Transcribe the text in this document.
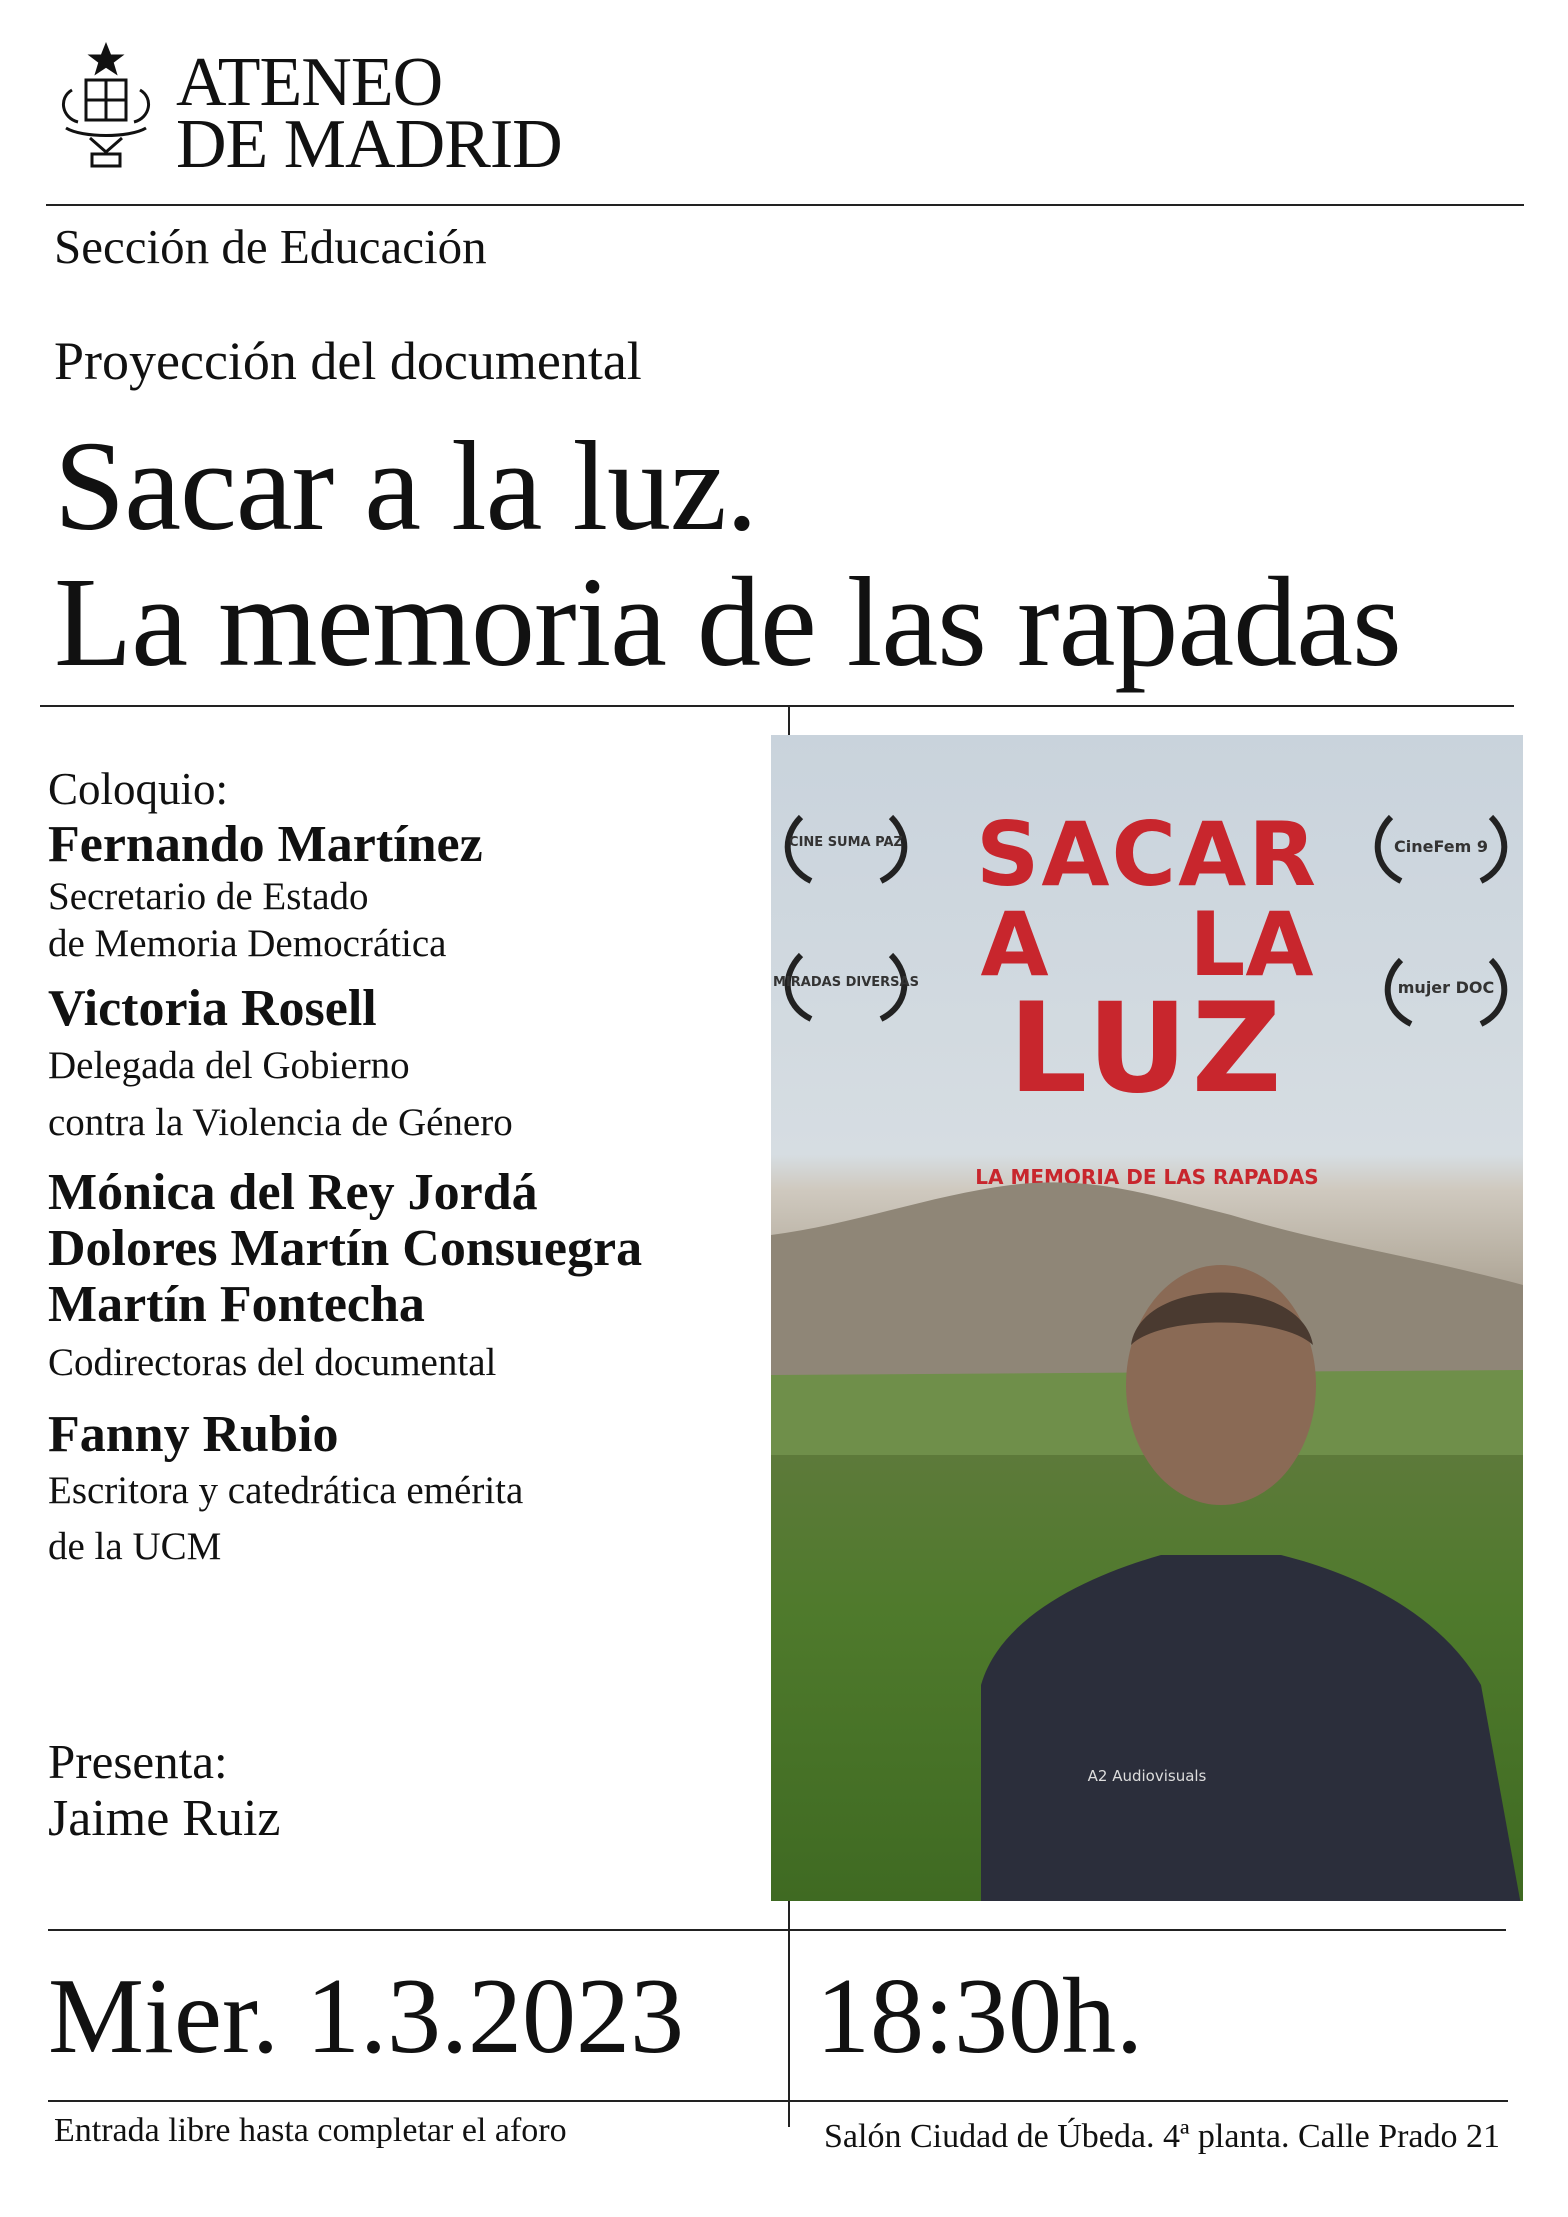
ATENEO
DE MADRID
Sección de Educación
Proyección del documental
Sacar a la luz.
La memoria de las rapadas
Coloquio:
Fernando Martínez
Secretario de Estado
de Memoria Democrática
Victoria Rosell
Delegada del Gobierno
contra la Violencia de Género
Mónica del Rey Jordá
Dolores Martín Consuegra
Martín Fontecha
Codirectoras del documental
Fanny Rubio
Escritora y catedrática emérita
de la UCM
Presenta:
Jaime Ruiz
CINE SUMA PAZ	CineFem 9
MIRADAS DIVERSAS	mujer DOC
SACAR
A LA
LUZ
LA MEMORIA DE LAS RAPADAS
A2 Audiovisuals
Mier. 1.3.2023 18:30h.
Entrada libre hasta completar el aforo	Salón Ciudad de Úbeda. 4ª planta. Calle Prado 21
